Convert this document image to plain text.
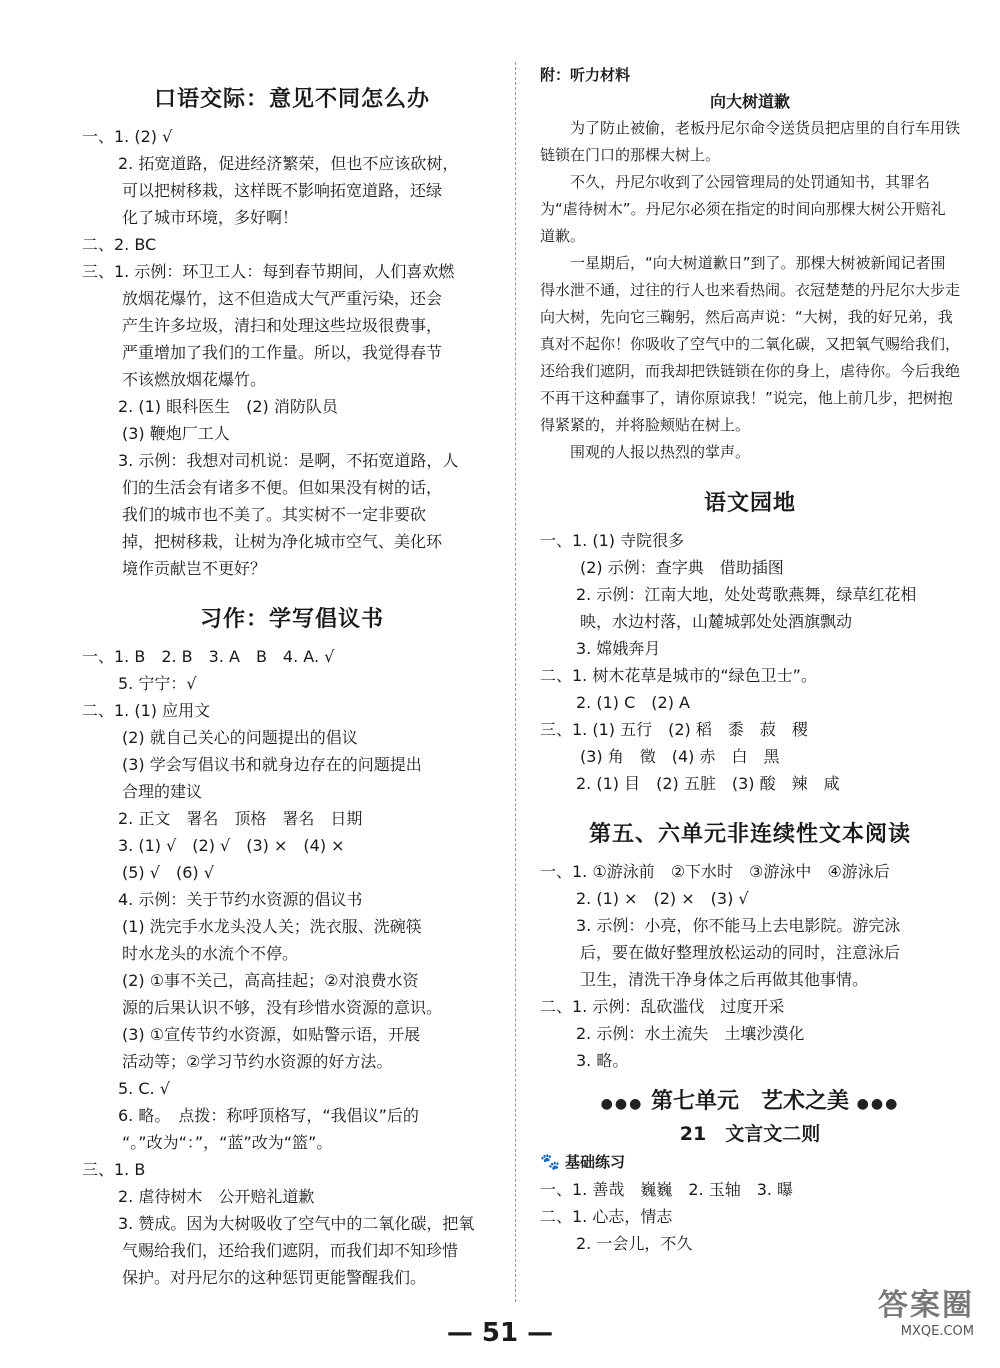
口语交际：意见不同怎么办
一、1. (2) √
2. 拓宽道路，促进经济繁荣，但也不应该砍树，
可以把树移栽，这样既不影响拓宽道路，还绿
化了城市环境，多好啊！
二、2. BC
三、1. 示例：环卫工人：每到春节期间，人们喜欢燃
放烟花爆竹，这不但造成大气严重污染，还会
产生许多垃圾，清扫和处理这些垃圾很费事，
严重增加了我们的工作量。所以，我觉得春节
不该燃放烟花爆竹。
2. (1) 眼科医生　(2) 消防队员
(3) 鞭炮厂工人
3. 示例：我想对司机说：是啊，不拓宽道路，人
们的生活会有诸多不便。但如果没有树的话，
我们的城市也不美了。其实树不一定非要砍
掉，把树移栽，让树为净化城市空气、美化环
境作贡献岂不更好？
习作：学写倡议书
一、1. B　2. B　3. A　B　4. A. √
5. 宁宁：√
二、1. (1) 应用文
(2) 就自己关心的问题提出的倡议
(3) 学会写倡议书和就身边存在的问题提出
合理的建议
2. 正文　署名　顶格　署名　日期
3. (1) √　(2) √　(3) ×　(4) ×
(5) √　(6) √
4. 示例：关于节约水资源的倡议书
(1) 洗完手水龙头没人关；洗衣服、洗碗筷
时水龙头的水流个不停。
(2) ①事不关己，高高挂起；②对浪费水资
源的后果认识不够，没有珍惜水资源的意识。
(3) ①宣传节约水资源，如贴警示语，开展
活动等；②学习节约水资源的好方法。
5. C. √
6. 略。　点拨：称呼顶格写，“我倡议”后的
“。”改为“：”，“蓝”改为“篮”。
三、1. B
2. 虐待树木　公开赔礼道歉
3. 赞成。因为大树吸收了空气中的二氧化碳，把氧
气赐给我们，还给我们遮阴，而我们却不知珍惜
保护。对丹尼尔的这种惩罚更能警醒我们。
附：听力材料
向大树道歉

为了防止被偷，老板丹尼尔命令送货员把店里的自行车用铁链锁在门口的那棵大树上。

不久，丹尼尔收到了公园管理局的处罚通知书，其罪名为“虐待树木”。丹尼尔必须在指定的时间向那棵大树公开赔礼道歉。

一星期后，“向大树道歉日”到了。那棵大树被新闻记者围得水泄不通，过往的行人也来看热闹。衣冠楚楚的丹尼尔大步走向大树，先向它三鞠躬，然后高声说：“大树，我的好兄弟，我真对不起你！你吸收了空气中的二氧化碳，又把氧气赐给我们，还给我们遮阴，而我却把铁链锁在你的身上，虐待你。今后我绝不再干这种蠢事了，请你原谅我！”说完，他上前几步，把树抱得紧紧的，并将脸颊贴在树上。

围观的人报以热烈的掌声。

语文园地
一、1. (1) 寺院很多
(2) 示例：查字典　借助插图
2. 示例：江南大地，处处莺歌燕舞，绿草红花相
映，水边村落，山麓城郭处处酒旗飘动
3. 嫦娥奔月
二、1. 树木花草是城市的“绿色卫士”。
2. (1) C　(2) A
三、1. (1) 五行　(2) 稻　黍　菽　稷
(3) 角　徵　(4) 赤　白　黑
2. (1) 目　(2) 五脏　(3) 酸　辣　咸
第五、六单元非连续性文本阅读
一、1. ①游泳前　②下水时　③游泳中　④游泳后
2. (1) ×　(2) ×　(3) √
3. 示例：小亮，你不能马上去电影院。游完泳
后，要在做好整理放松运动的同时，注意泳后
卫生，清洗干净身体之后再做其他事情。
二、1. 示例：乱砍滥伐　过度开采
2. 示例：水土流失　土壤沙漠化
3. 略。
●●● 第七单元　艺术之美 ●●●
21　文言文二则
🐾 基础练习
一、1. 善哉　巍巍　2. 玉轴　3. 曝
二、1. 心志，情志
2. 一会儿，不久
— 51 —
答案圈
MXQE.COM
